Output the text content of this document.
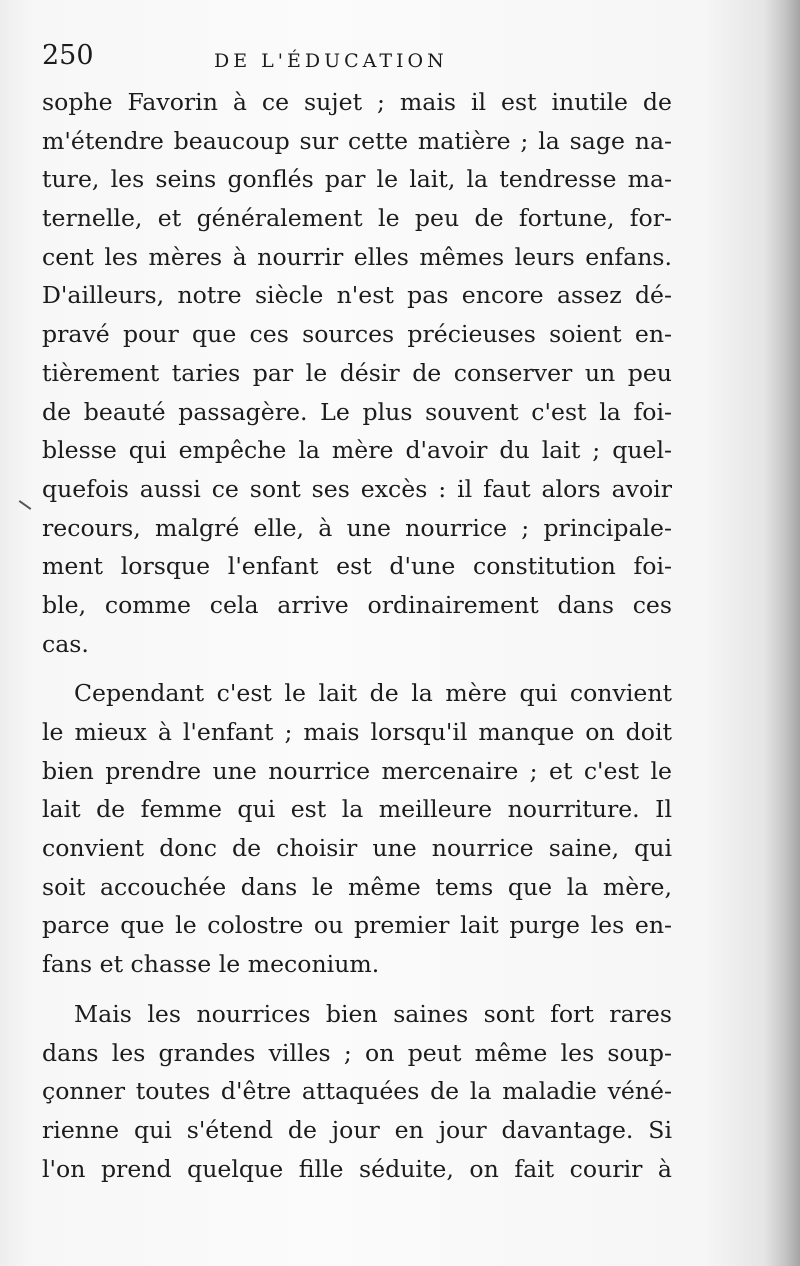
250	DE L'ÉDUCATION
sophe Favorin à ce sujet ; mais il est inutile de
m'étendre beaucoup sur cette matière ; la sage na-
ture, les seins gonflés par le lait, la tendresse ma-
ternelle, et généralement le peu de fortune, for-
cent les mères à nourrir elles mêmes leurs enfans.
D'ailleurs, notre siècle n'est pas encore assez dé-
pravé pour que ces sources précieuses soient en-
tièrement taries par le désir de conserver un peu
de beauté passagère. Le plus souvent c'est la foi-
blesse qui empêche la mère d'avoir du lait ; quel-
quefois aussi ce sont ses excès : il faut alors avoir
recours, malgré elle, à une nourrice ; principale-
ment lorsque l'enfant est d'une constitution foi-
ble, comme cela arrive ordinairement dans ces
cas.
Cependant c'est le lait de la mère qui convient
le mieux à l'enfant ; mais lorsqu'il manque on doit
bien prendre une nourrice mercenaire ; et c'est le
lait de femme qui est la meilleure nourriture. Il
convient donc de choisir une nourrice saine, qui
soit accouchée dans le même tems que la mère,
parce que le colostre ou premier lait purge les en-
fans et chasse le meconium.
Mais les nourrices bien saines sont fort rares
dans les grandes villes ; on peut même les soup-
çonner toutes d'être attaquées de la maladie véné-
rienne qui s'étend de jour en jour davantage. Si
l'on prend quelque fille séduite, on fait courir à
